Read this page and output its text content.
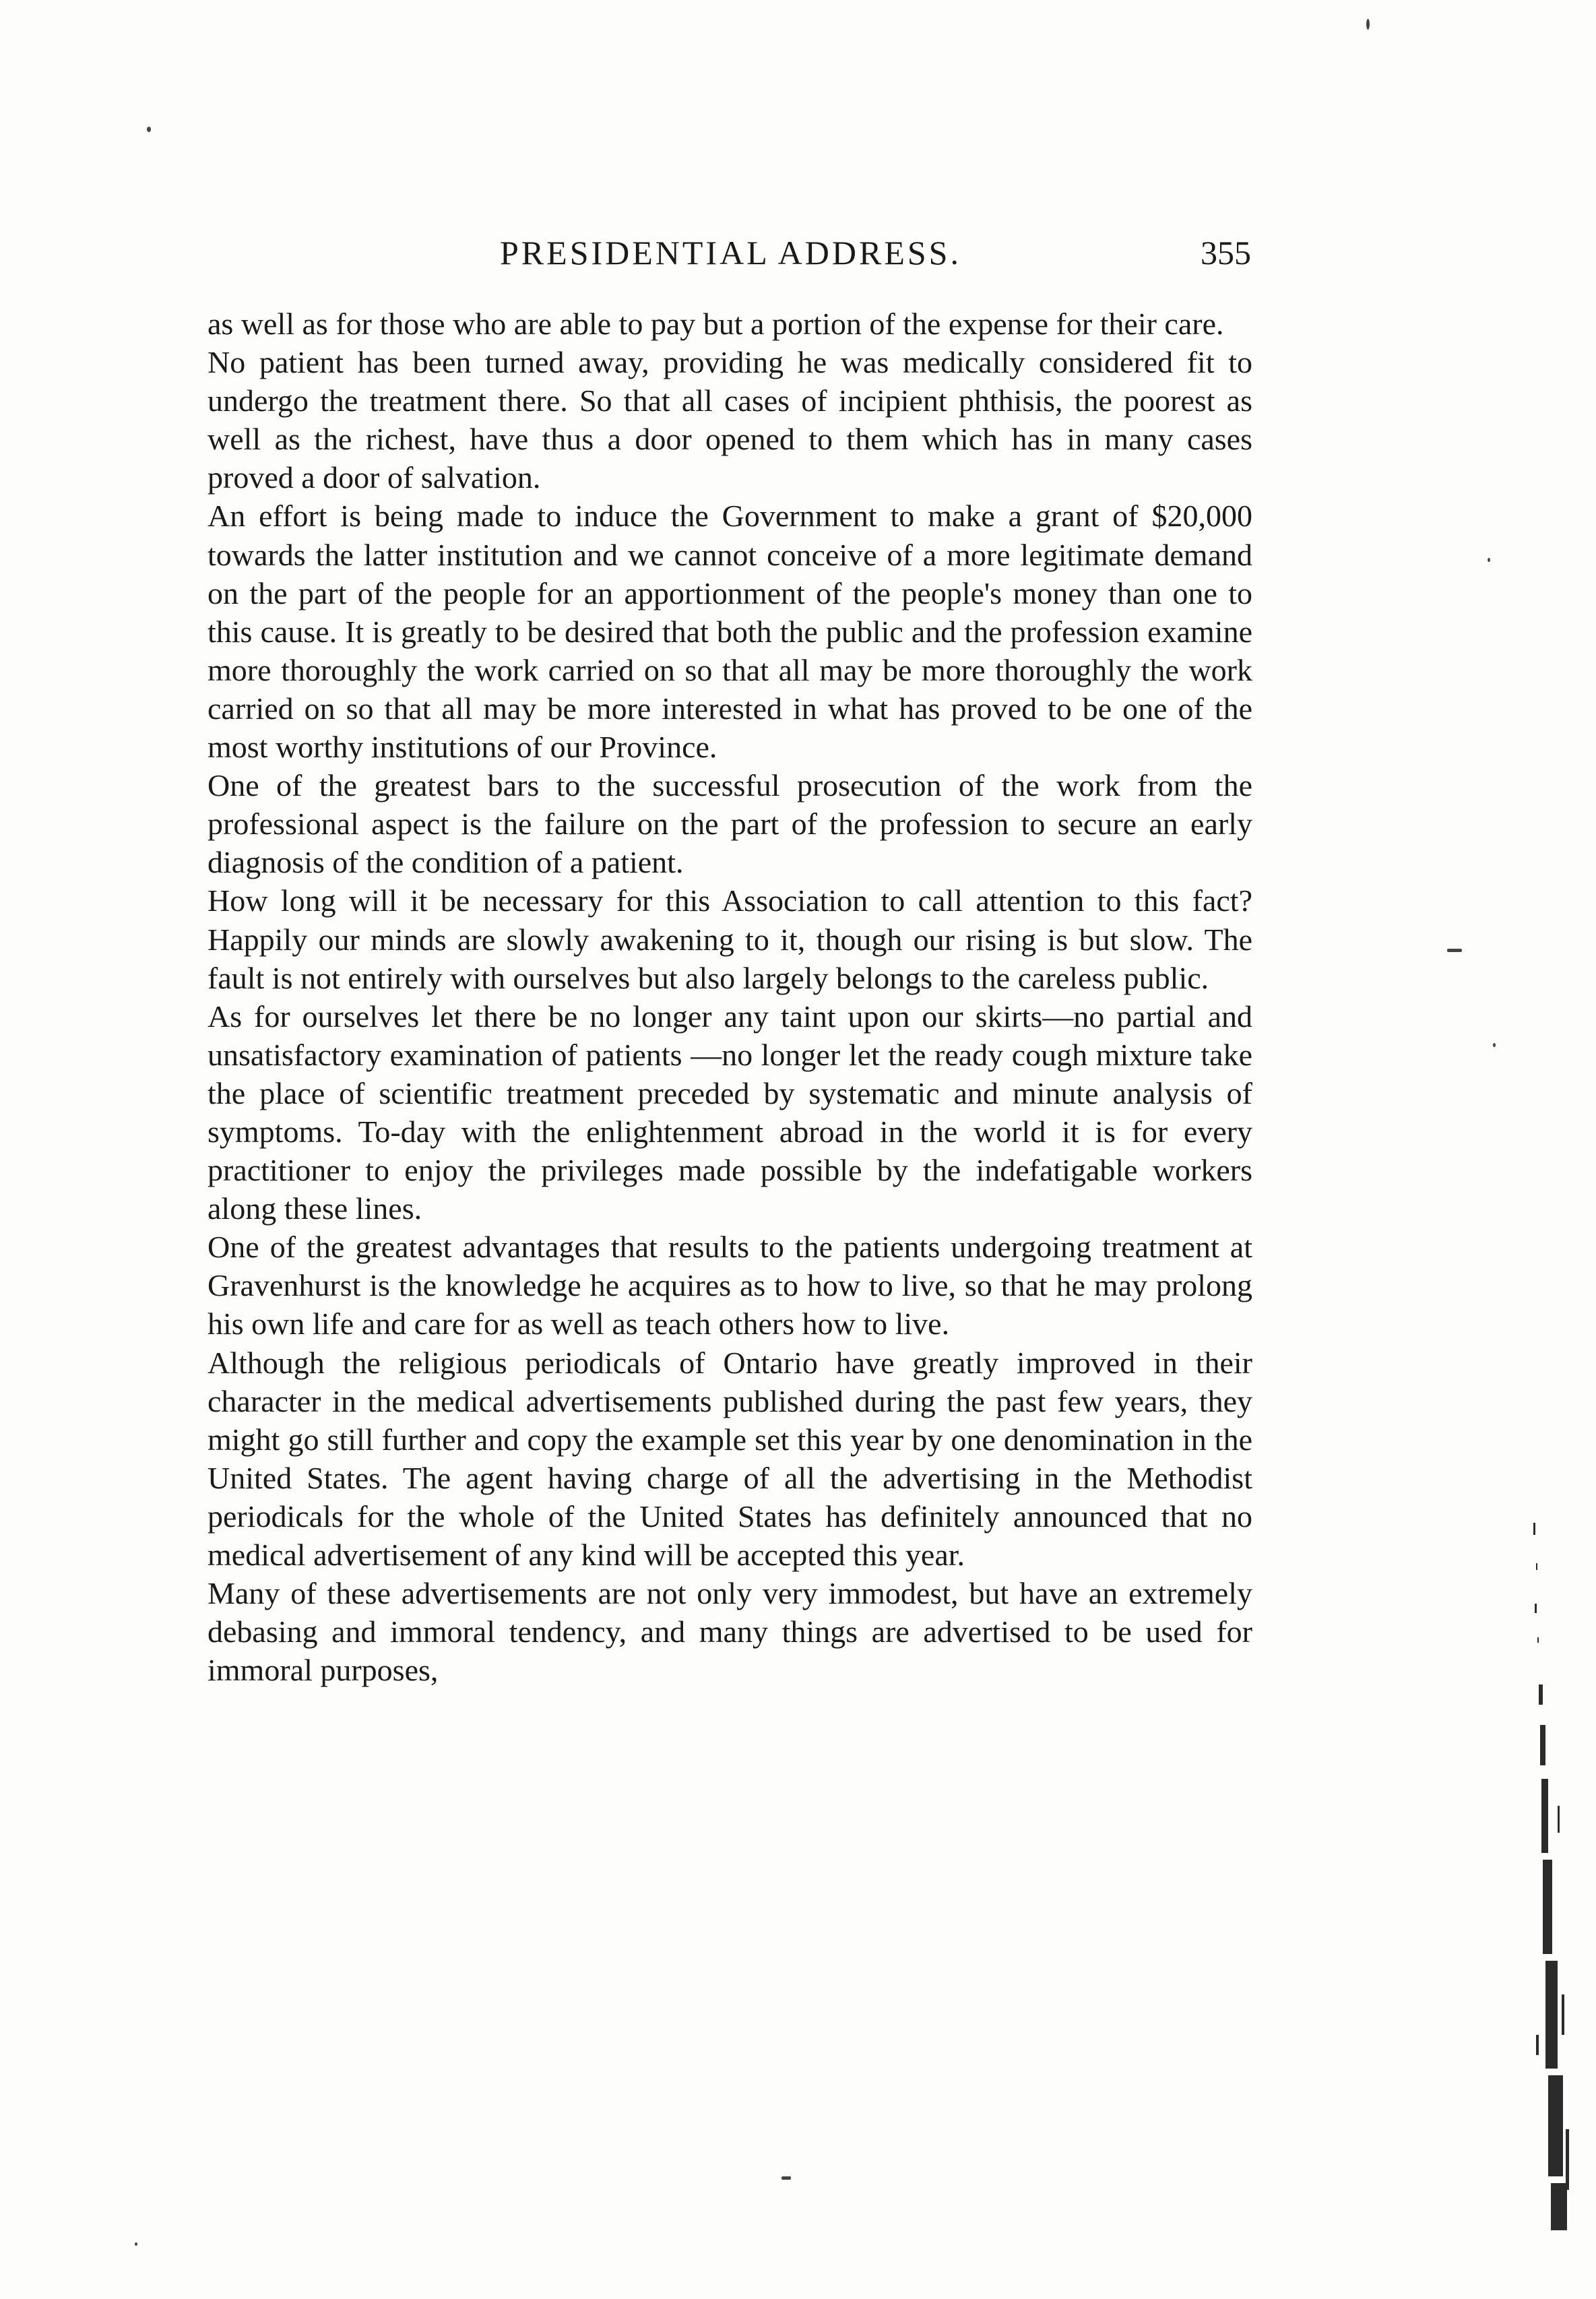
PRESIDENTIAL ADDRESS.	355

as well as for those who are able to pay but a portion of the expense for their care.

No patient has been turned away, providing he was medically considered fit to undergo the treatment there. So that all cases of incipient phthisis, the poorest as well as the richest, have thus a door opened to them which has in many cases proved a door of salvation.

An effort is being made to induce the Government to make a grant of $20,000 towards the latter institution and we cannot conceive of a more legitimate demand on the part of the people for an apportionment of the people's money than one to this cause. It is greatly to be desired that both the public and the profession examine more thoroughly the work carried on so that all may be more thoroughly the work carried on so that all may be more interested in what has proved to be one of the most worthy institutions of our Province.

One of the greatest bars to the successful prosecution of the work from the professional aspect is the failure on the part of the profession to secure an early diagnosis of the condition of a patient.

How long will it be necessary for this Association to call attention to this fact? Happily our minds are slowly awakening to it, though our rising is but slow. The fault is not entirely with ourselves but also largely belongs to the careless public.

As for ourselves let there be no longer any taint upon our skirts—no partial and unsatisfactory examination of patients —no longer let the ready cough mixture take the place of scientific treatment preceded by systematic and minute analysis of symptoms. To-day with the enlightenment abroad in the world it is for every practitioner to enjoy the privileges made possible by the indefatigable workers along these lines.

One of the greatest advantages that results to the patients undergoing treatment at Gravenhurst is the knowledge he acquires as to how to live, so that he may prolong his own life and care for as well as teach others how to live.

Although the religious periodicals of Ontario have greatly improved in their character in the medical advertisements published during the past few years, they might go still further and copy the example set this year by one denomination in the United States. The agent having charge of all the advertising in the Methodist periodicals for the whole of the United States has definitely announced that no medical advertisement of any kind will be accepted this year.

Many of these advertisements are not only very immodest, but have an extremely debasing and immoral tendency, and many things are advertised to be used for immoral purposes,
